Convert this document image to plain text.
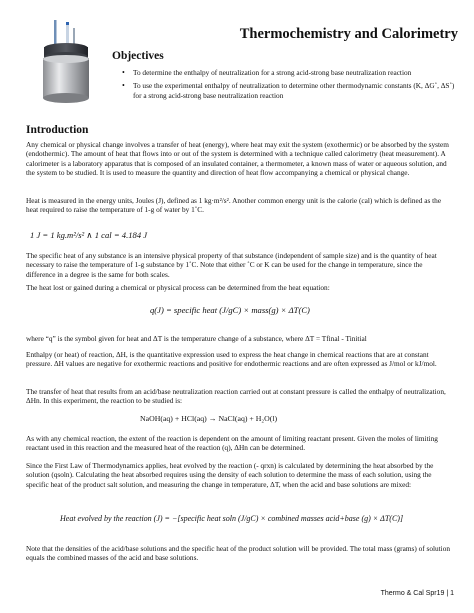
Thermochemistry and Calorimetry
Objectives
• To determine the enthalpy of neutralization for a strong acid-strong base neutralization reaction
• To use the experimental enthalpy of neutralization to determine other thermodynamic constants (K, ΔG˚, ΔS˚) for a strong acid-strong base neutralization reaction
Introduction

Any chemical or physical change involves a transfer of heat (energy), where heat may exit the system (exothermic) or be absorbed by the system (endothermic). The amount of heat that flows into or out of the system is determined with a technique called calorimetry (heat measurement). A calorimeter is a laboratory apparatus that is composed of an insulated container, a thermometer, a known mass of water or aqueous solution, and the system to be studied. It is used to measure the quantity and direction of heat flow accompanying a chemical or physical change.

Heat is measured in the energy units, Joules (J), defined as 1 kg·m²/s². Another common energy unit is the calorie (cal) which is defined as the heat required to raise the temperature of 1-g of water by 1˚C.

1 J = 1 kg.m²/s² ∧ 1 cal = 4.184 J

The specific heat of any substance is an intensive physical property of that substance (independent of sample size) and is the quantity of heat necessary to raise the temperature of 1-g substance by 1˚C. Note that either ˚C or K can be used for the change in temperature, since the difference in a degree is the same for both scales.

The heat lost or gained during a chemical or physical process can be determined from the heat equation:

q(J) = specific heat (J/gC) × mass(g) × ΔT(C)

where “q” is the symbol given for heat and ΔT is the temperature change of a substance, where ΔT = Tfinal - Tinitial

Enthalpy (or heat) of reaction, ΔH, is the quantitative expression used to express the heat change in chemical reactions that are at constant pressure. ΔH values are negative for exothermic reactions and positive for endothermic reactions and are often expressed as J/mol or kJ/mol.

The transfer of heat that results from an acid/base neutralization reaction carried out at constant pressure is called the enthalpy of neutralization, ΔHn. In this experiment, the reaction to be studied is:

NaOH(aq) + HCl(aq) → NaCl(aq) + H₂O(l)

As with any chemical reaction, the extent of the reaction is dependent on the amount of limiting reactant present. Given the moles of limiting reactant used in this reaction and the measured heat of the reaction (q), ΔHn can be determined.

Since the First Law of Thermodynamics applies, heat evolved by the reaction (- qrxn) is calculated by determining the heat absorbed by the solution (qsoln). Calculating the heat absorbed requires using the density of each solution to determine the mass of each solution, using the specific heat of the product salt solution, and measuring the change in temperature, ΔT, when the acid and base solutions are mixed:

Heat evolved by the reaction (J) = −[specific heat soln (J/gC) × combined masses acid+base (g) × ΔT(C)]

Note that the densities of the acid/base solutions and the specific heat of the product solution will be provided. The total mass (grams) of solution equals the combined masses of the acid and base solutions.

Thermo & Cal Spr19 | 1
